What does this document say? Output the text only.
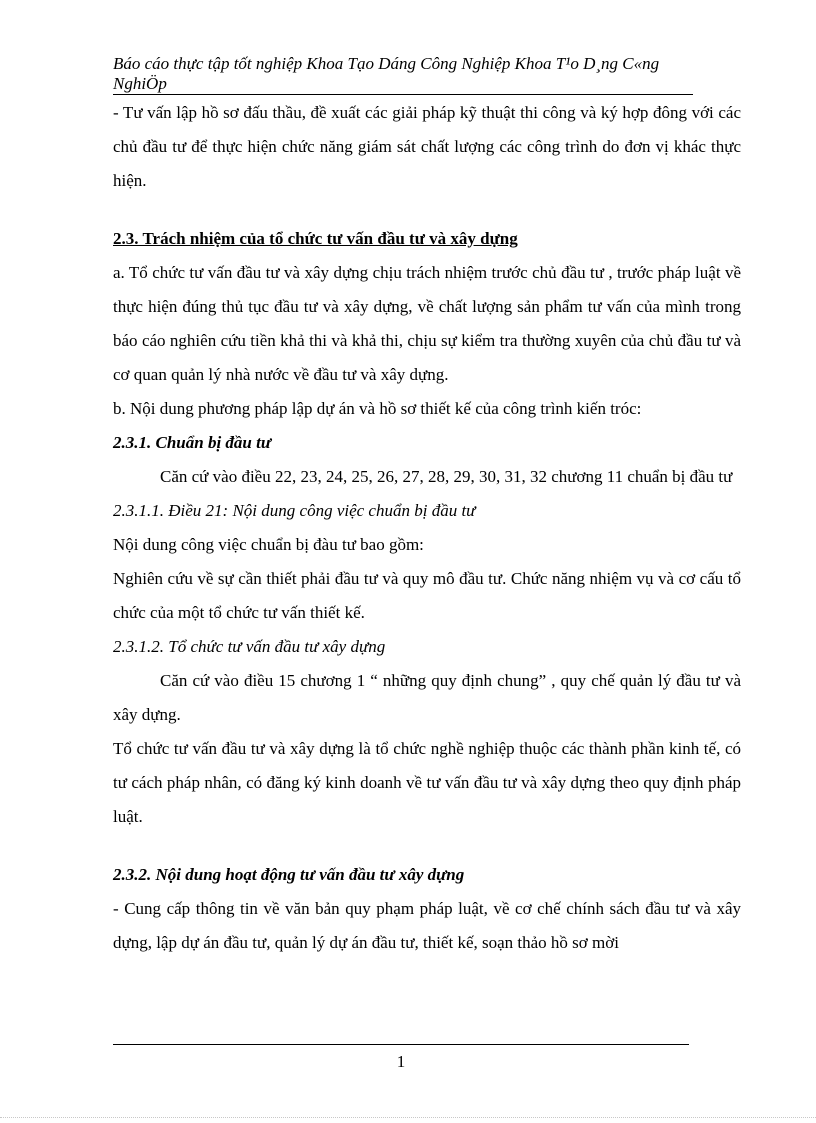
Báo cáo thực tập tốt nghiệp Khoa Tạo Dáng Công Nghiệp Khoa T¹o D¸ng C«ng NghiÖp

- Tư vấn lập hồ sơ đấu thầu, đề xuất các giải pháp kỹ thuật thi công và ký hợp đông với các chủ đầu tư để thực hiện chức năng giám sát chất lượng các công trình do đơn vị khác thực hiện.

2.3. Trách nhiệm của tổ chức tư vấn đầu tư và xây dựng

a. Tổ chức tư vấn đầu tư và xây dựng chịu trách nhiệm trước chủ đầu tư , trước pháp luật về thực hiện đúng thủ tục đầu tư và xây dựng, về chất lượng sản phẩm tư vấn của mình trong báo cáo nghiên cứu tiền khả thi và khả thi, chịu sự kiểm tra thường xuyên của chủ đầu tư và cơ quan quản lý nhà nước về đầu tư và xây dựng.

b. Nội dung phương pháp lập dự án và hồ sơ thiết kế của công trình kiến tróc:

2.3.1. Chuẩn bị đầu tư

Căn cứ vào điều 22, 23, 24, 25, 26, 27, 28, 29, 30, 31, 32 chương 11 chuẩn bị đầu tư

2.3.1.1. Điều 21: Nội dung công việc chuẩn bị đầu tư

Nội dung công việc chuẩn bị đàu tư bao gồm:

Nghiên cứu về sự cần thiết phải đầu tư và quy mô đầu tư. Chức năng nhiệm vụ và cơ cấu tổ chức của một tổ chức tư vấn thiết kế.

2.3.1.2. Tổ chức tư vấn đầu tư xây dựng

Căn cứ vào điều 15 chương 1 “ những quy định chung” , quy chế quản lý đầu tư và xây dựng.

Tổ chức tư vấn đầu tư và xây dựng là tổ chức nghề nghiệp thuộc các thành phần kinh tế, có tư cách pháp nhân, có đăng ký kinh doanh về tư vấn đầu tư và xây dựng theo quy định pháp luật.

2.3.2. Nội dung hoạt động tư vấn đầu tư xây dựng

- Cung cấp thông tin về văn bản quy phạm pháp luật, về cơ chế chính sách đầu tư và xây dựng, lập dự án đầu tư, quản lý dự án đầu tư, thiết kế, soạn thảo hồ sơ mời

1
